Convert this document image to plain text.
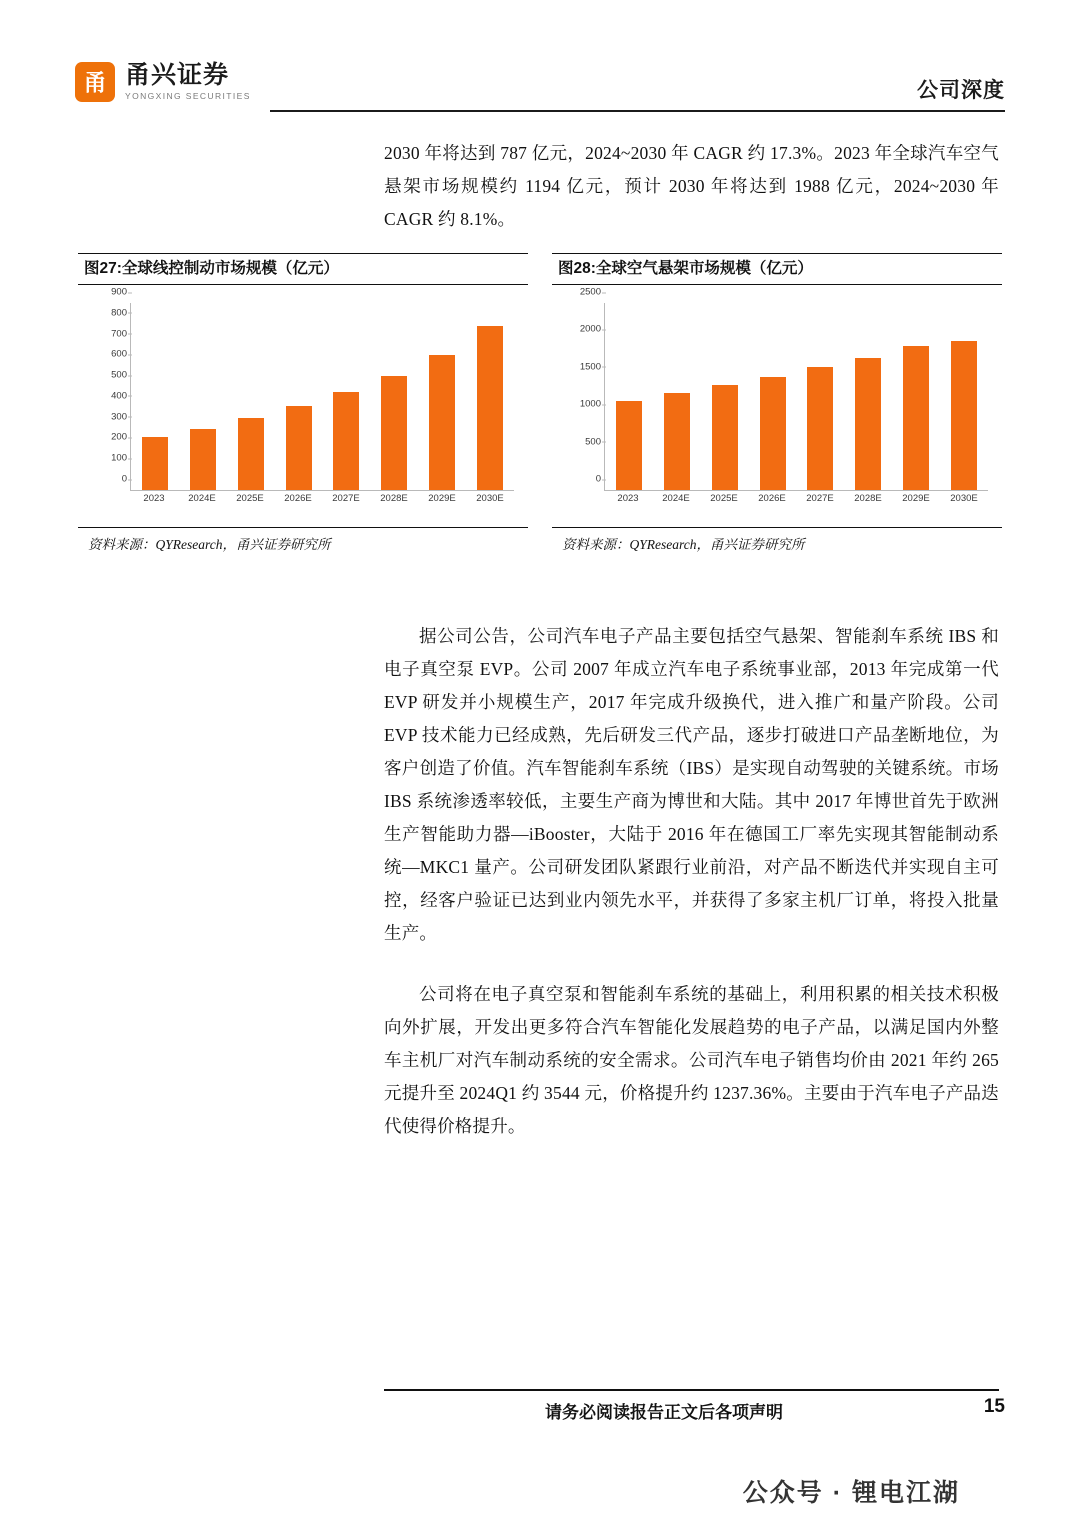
甬 甬兴证券
YONGXING SECURITIES	公司深度
2030 年将达到 787 亿元，2024~2030 年 CAGR 约 17.3%。2023 年全球汽车空气悬架市场规模约 1194 亿元，预计 2030 年将达到 1988 亿元，2024~2030 年 CAGR 约 8.1%。
图27:全球线控制动市场规模（亿元）
0
100
200
300
400
500
600
700
800
900
2023	2024E	2025E	2026E	2027E	2028E	2029E	2030E
资料来源：QYResearch，甬兴证券研究所
图28:全球空气悬架市场规模（亿元）
0
500
1000
1500
2000
2500
2023	2024E	2025E	2026E	2027E	2028E	2029E	2030E
资料来源：QYResearch，甬兴证券研究所
据公司公告，公司汽车电子产品主要包括空气悬架、智能刹车系统 IBS 和电子真空泵 EVP。公司 2007 年成立汽车电子系统事业部，2013 年完成第一代 EVP 研发并小规模生产，2017 年完成升级换代，进入推广和量产阶段。公司 EVP 技术能力已经成熟，先后研发三代产品，逐步打破进口产品垄断地位，为客户创造了价值。汽车智能刹车系统（IBS）是实现自动驾驶的关键系统。市场 IBS 系统渗透率较低，主要生产商为博世和大陆。其中 2017 年博世首先于欧洲生产智能助力器—iBooster，大陆于 2016 年在德国工厂率先实现其智能制动系统—MKC1 量产。公司研发团队紧跟行业前沿，对产品不断迭代并实现自主可控，经客户验证已达到业内领先水平，并获得了多家主机厂订单，将投入批量生产。
公司将在电子真空泵和智能刹车系统的基础上，利用积累的相关技术积极向外扩展，开发出更多符合汽车智能化发展趋势的电子产品，以满足国内外整车主机厂对汽车制动系统的安全需求。公司汽车电子销售均价由 2021 年约 265 元提升至 2024Q1 约 3544 元，价格提升约 1237.36%。主要由于汽车电子产品迭代使得价格提升。
请务必阅读报告正文后各项声明	15
公众号 · 锂电江湖
